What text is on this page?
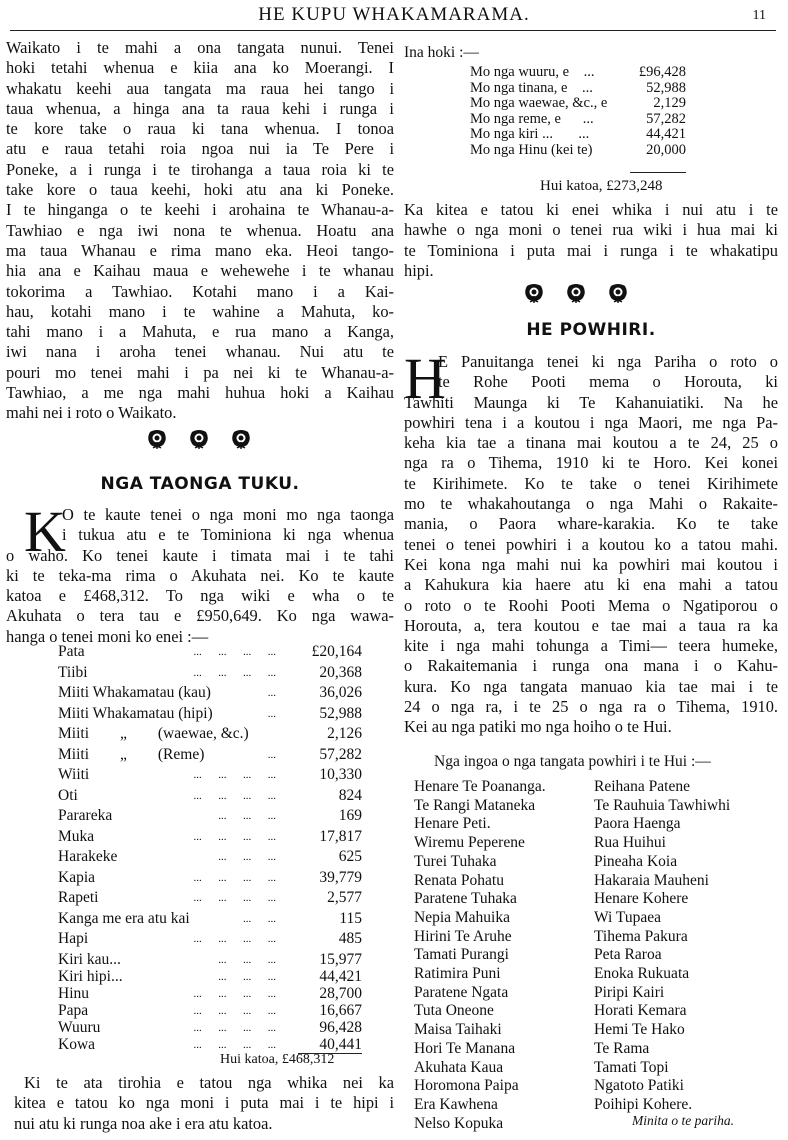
HE KUPU WHAKAMARAMA.	11
Waikato i te mahi a ona tangata nunui. Tenei
hoki tetahi whenua e kiia ana ko Moerangi. I
whakatu keehi aua tangata ma raua hei tango i
taua whenua, a hinga ana ta raua kehi i runga i
te kore take o raua ki tana whenua. I tonoa
atu e raua tetahi roia ngoa nui ia Te Pere i
Poneke, a i runga i te tirohanga a taua roia ki te
take kore o taua keehi, hoki atu ana ki Poneke.
I te hinganga o te keehi i arohaina te Whanau-a-
Tawhiao e nga iwi nona te whenua. Hoatu ana
ma taua Whanau e rima mano eka. Heoi tango-
hia ana e Kaihau maua e wehewehe i te whanau
tokorima a Tawhiao. Kotahi mano i a Kai-
hau, kotahi mano i te wahine a Mahuta, ko-
tahi mano i a Mahuta, e rua mano a Kanga,
iwi nana i aroha tenei whanau. Nui atu te
pouri mo tenei mahi i pa nei ki te Whanau-a-
Tawhiao, a me nga mahi huhua hoki a Kaihau
mahi nei i roto o Waikato.
NGA TAONGA TUKU.
K
O te kaute tenei o nga moni mo nga taonga
i tukua atu e te Tominiona ki nga whenua
o waho. Ko tenei kaute i timata mai i te tahi
ki te teka-ma rima o Akuhata nei. Ko te kaute
katoa e £468,312. To nga wiki e wha o te
Akuhata o tera tau e £950,649. Ko nga wawa-
hanga o tenei moni ko enei :—
Pata	...      ...      ...      ... £20,164
Tiibi	...      ...      ...      ...	20,368
Miiti Whakamatau (kau)	...	36,026
Miiti Whakamatau (hipi)	...	52,988
Miiti        „        (waewae, &c.)	2,126
Miiti        „        (Reme)	...	57,282
Wiiti	...      ...      ...      ...	10,330
Oti	...      ...      ...      ...	824
Parareka	...      ...      ...	169
Muka	...      ...      ...      ...	17,817
Harakeke	...      ...      ...	625
Kapia	...      ...      ...      ...	39,779
Rapeti	...      ...      ...      ...	2,577
Kanga me era atu kai	...      ...	115
Hapi	...      ...      ...      ...	485
Kiri kau...	...      ...      ...	15,977
Kiri hipi...	...      ...      ...	44,421
Hinu	...      ...      ...      ...	28,700
Papa	...      ...      ...      ...	16,667
Wuuru	...      ...      ...      ...	96,428
Kowa	...      ...      ...      ...	40,441
Hui katoa, £468,312
Ki te ata tirohia e tatou nga whika nei ka
kitea e tatou ko nga moni i puta mai i te hipi i
nui atu ki runga noa ake i era atu katoa.
Ina hoki :—
Mo nga wuuru, e    ...	£96,428
Mo nga tinana, e    ...	52,988
Mo nga waewae, &c., e	2,129
Mo nga reme, e      ...	57,282
Mo nga kiri ...       ...	44,421
Mo nga Hinu (kei te)	20,000
Hui katoa, £273,248
Ka kitea e tatou ki enei whika i nui atu i te
hawhe o nga moni o tenei rua wiki i hua mai ki
te Tominiona i puta mai i runga i te whakatipu
hipi.
HE POWHIRI.
H
E Panuitanga tenei ki nga Pariha o roto o
te Rohe Pooti mema o Horouta, ki
Tawhiti Maunga ki Te Kahanuiatiki. Na he
powhiri tena i a koutou i nga Maori, me nga Pa-
keha kia tae a tinana mai koutou a te 24, 25 o
nga ra o Tihema, 1910 ki te Horo. Kei konei
te Kirihimete. Ko te take o tenei Kirihimete
mo te whakahoutanga o nga Mahi o Rakaite-
mania, o Paora whare-karakia. Ko te take
tenei o tenei powhiri i a koutou ko a tatou mahi.
Kei kona nga mahi nui ka powhiri mai koutou i
a Kahukura kia haere atu ki ena mahi a tatou
o roto o te Roohi Pooti Mema o Ngatiporou o
Horouta, a, tera koutou e tae mai a taua ra ka
kite i nga mahi tohunga a Timi— teera humeke,
o Rakaitemania i runga ona mana i o Kahu-
kura. Ko nga tangata manuao kia tae mai i te
24 o nga ra, i te 25 o nga ra o Tihema, 1910.
Kei au nga patiki mo nga hoiho o te Hui.
Nga ingoa o nga tangata powhiri i te Hui :—
Henare Te Poananga.
Te Rangi Mataneka
Henare Peti.
Wiremu Peperene
Turei Tuhaka
Renata Pohatu
Paratene Tuhaka
Nepia Mahuika
Hirini Te Aruhe
Tamati Purangi
Ratimira Puni
Paratene Ngata
Tuta Oneone
Maisa Taihaki
Hori Te Manana
Akuhata Kaua
Horomona Paipa
Era Kawhena
Nelso Kopuka
Reihana Patene
Te Rauhuia Tawhiwhi
Paora Haenga
Rua Huihui
Pineaha Koia
Hakaraia Mauheni
Henare Kohere
Wi Tupaea
Tihema Pakura
Peta Raroa
Enoka Rukuata
Piripi Kairi
Horati Kemara
Hemi Te Hako
Te Rama
Tamati Topi
Ngatoto Patiki
Poihipi Kohere.
Minita o te pariha.
